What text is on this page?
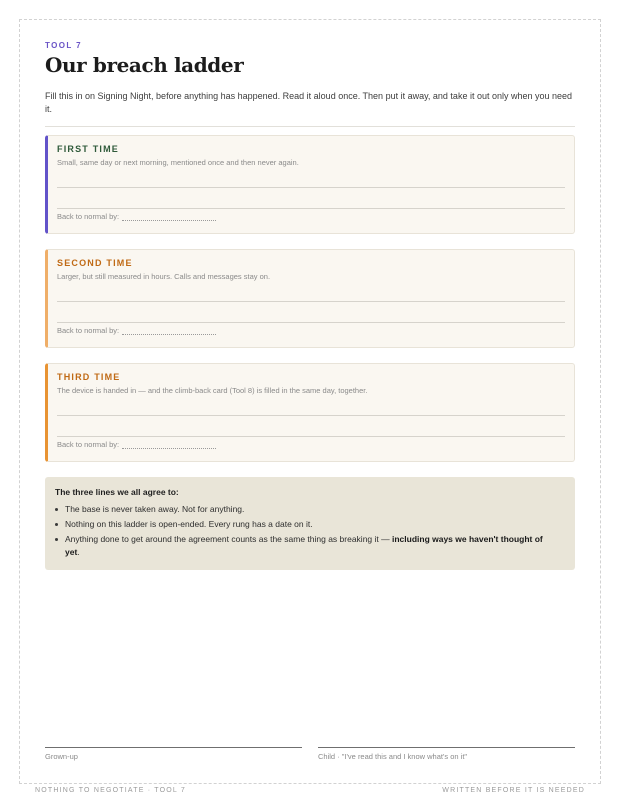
TOOL 7
Our breach ladder

Fill this in on Signing Night, before anything has happened. Read it aloud once. Then put it away, and take it out only when you need it.

FIRST TIME
Small, same day or next morning, mentioned once and then never again.
Back to normal by:
SECOND TIME
Larger, but still measured in hours. Calls and messages stay on.
Back to normal by:
THIRD TIME
The device is handed in — and the climb-back card (Tool 8) is filled in the same day, together.
Back to normal by:
The three lines we all agree to:
The base is never taken away. Not for anything.
Nothing on this ladder is open-ended. Every rung has a date on it.
Anything done to get around the agreement counts as the same thing as breaking it — including ways we haven't thought of yet.
Grown-up	Child · "I've read this and I know what's on it"
NOTHING TO NEGOTIATE · TOOL 7	WRITTEN BEFORE IT IS NEEDED
